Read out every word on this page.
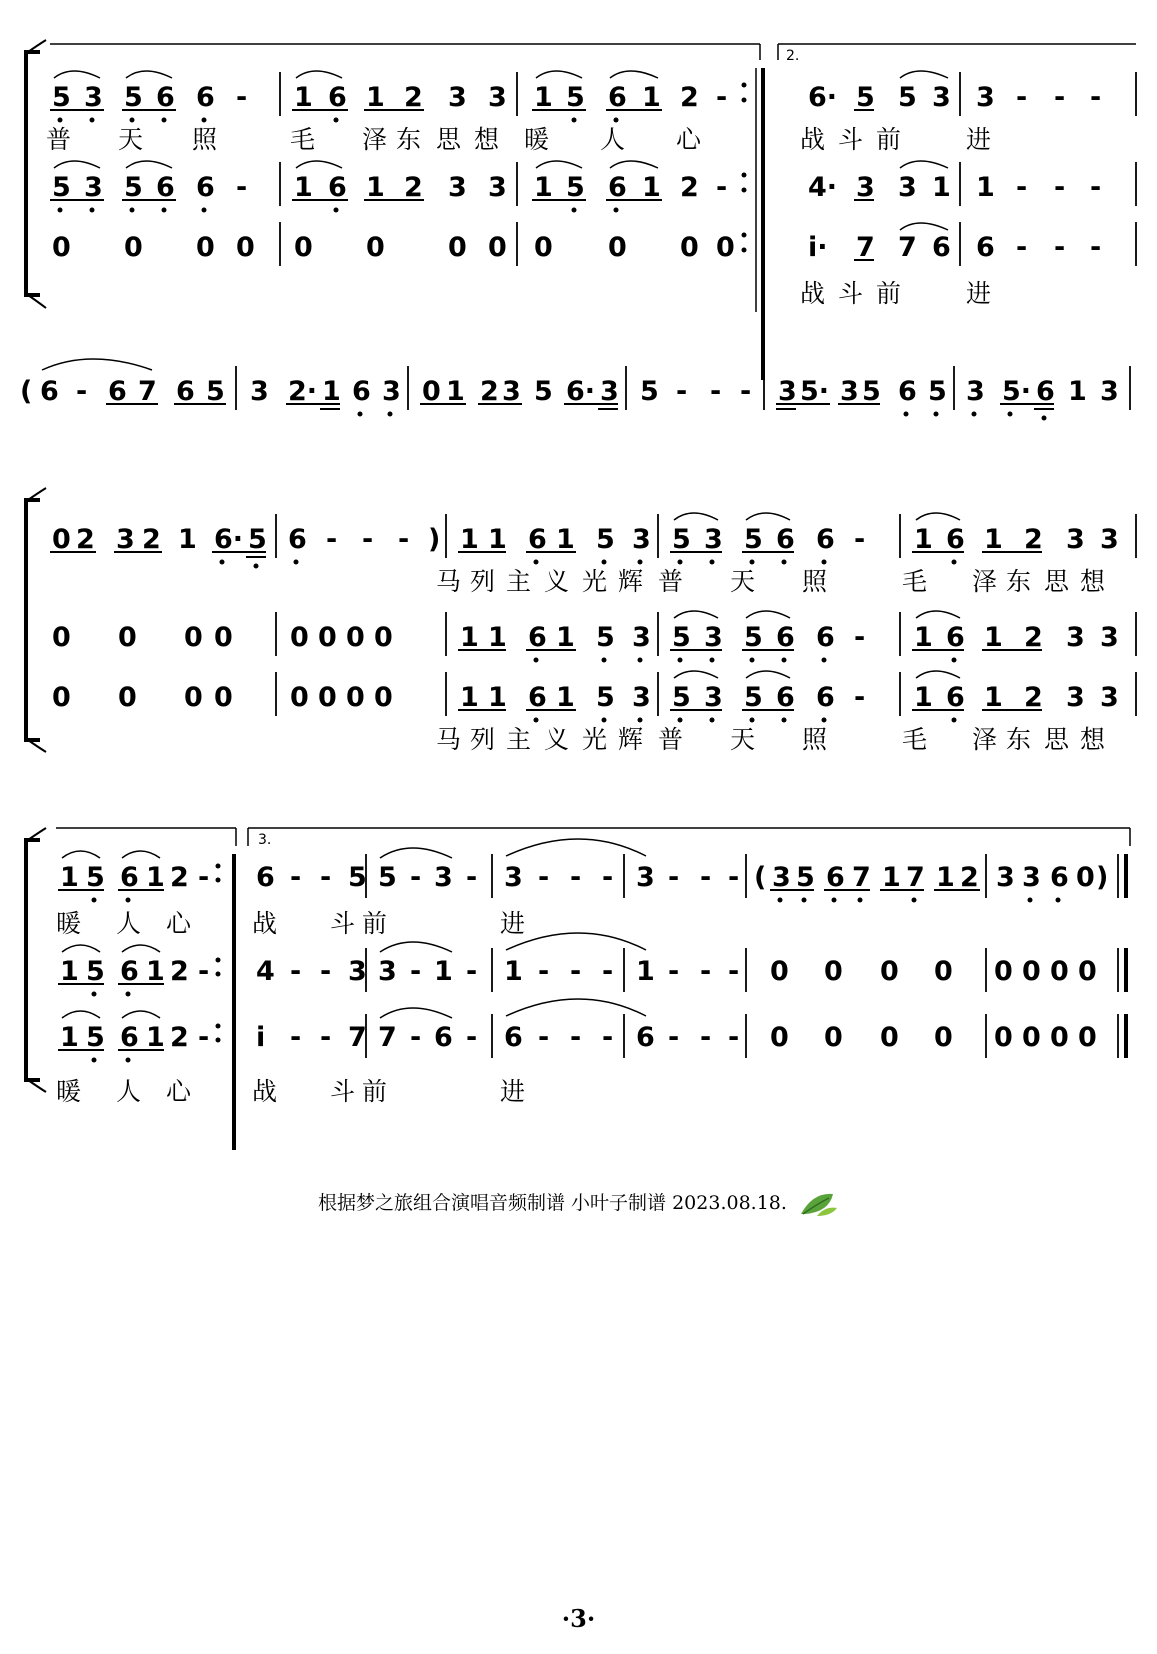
2.
5 3 5 6 6 - 1 6 1 2 3 3 1 5 6 1 2 -	6· 5 5 3 3 - - -
普 天 照	毛 泽 东 思 想 暖 人 心	战 斗 前	进
5 3 5 6 6 - 1 6 1 2 3 3 1 5 6 1 2 -	4· 3 3 1 1 - - -
0 0 0 0 0 0 0 0 0 0 0 0	i· 7 7 6 6 - - -
战 斗 前	进
( 6 - 6 7 6 5 3 2· 1 6 3 0 1 2 3 5 6· 3 5 - - - 3 5· 3 5 6 5 3 5· 6 1 3
0 2 3 2 1 6· 5 6 - - - ) 1 1 6 1 5 3 5 3 5 6 6 - 1 6 1 2 3 3
马 列 主 义 光 辉 普 天 照	毛 泽 东 思 想
0 0 0 0 0 0 0 0 1 1 6 1 5 3 5 3 5 6 6 - 1 6 1 2 3 3
0 0 0 0 0 0 0 0 1 1 6 1 5 3 5 3 5 6 6 - 1 6 1 2 3 3
马 列 主 义 光 辉 普 天 照	毛 泽 东 思 想
3.
1 5 6 1 2 - 6 - - 5 5 - 3 - 3 - - - 3 - - - ( 3 5 6 7 1 7 1 2 3 3 6 0 )
暖 人 心 战 斗 前	进
1 5 6 1 2 - 4 - - 3 3 - 1 - 1 - - - 1 - - - 0 0 0 0 0 0 0 0
1 5 6 1 2 - i - - 7 7 - 6 - 6 - - - 6 - - - 0 0 0 0 0 0 0 0
暖 人 心 战 斗 前	进
根据梦之旅组合演唱音频制谱 小叶子制谱 2023.08.18.
·3·
